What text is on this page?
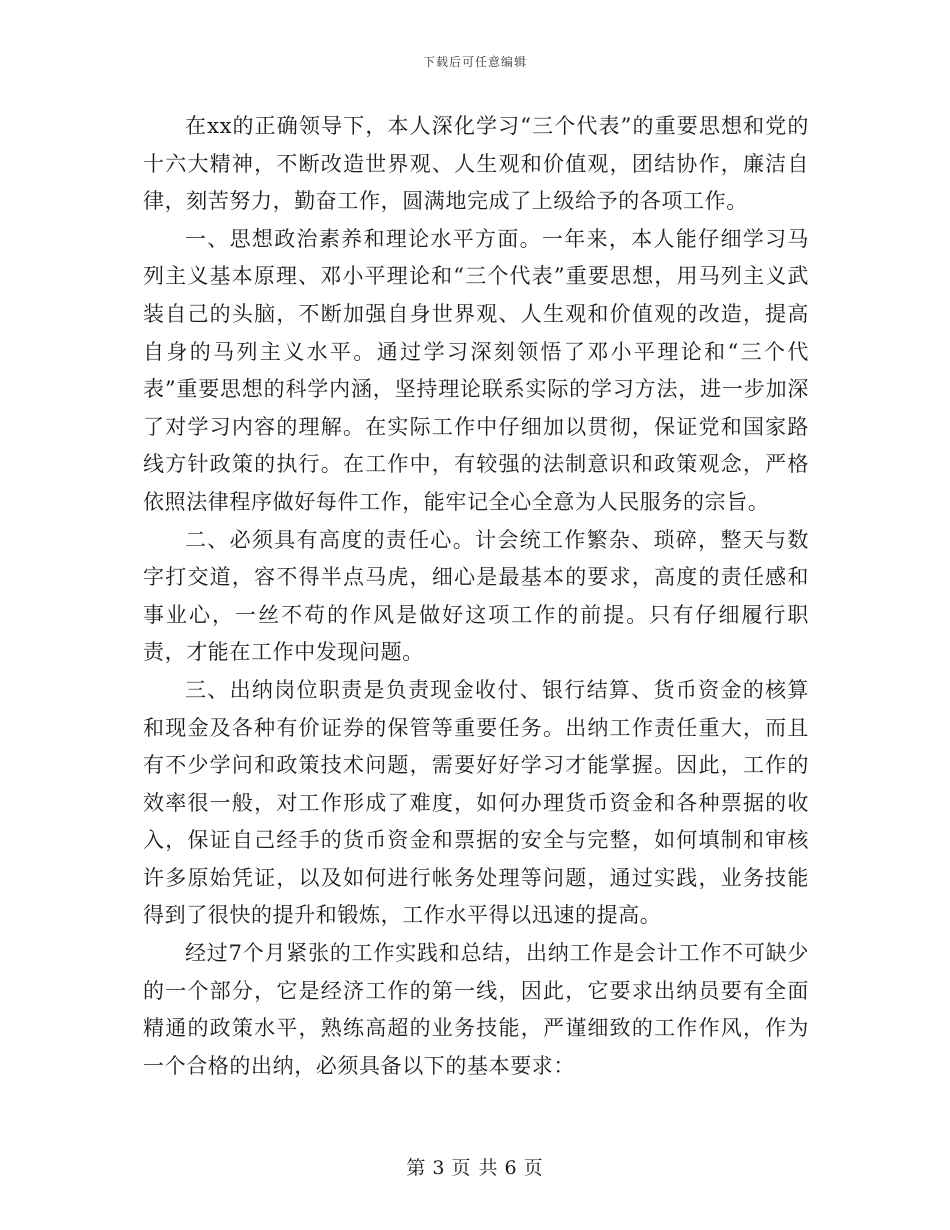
下载后可任意编辑

在xx的正确领导下，本人深化学习“三个代表”的重要思想和党的十六大精神，不断改造世界观、人生观和价值观，团结协作，廉洁自律，刻苦努力，勤奋工作，圆满地完成了上级给予的各项工作。

一、思想政治素养和理论水平方面。一年来，本人能仔细学习马列主义基本原理、邓小平理论和“三个代表”重要思想，用马列主义武装自己的头脑，不断加强自身世界观、人生观和价值观的改造，提高自身的马列主义水平。通过学习深刻领悟了邓小平理论和“三个代表”重要思想的科学内涵，坚持理论联系实际的学习方法，进一步加深了对学习内容的理解。在实际工作中仔细加以贯彻，保证党和国家路线方针政策的执行。在工作中，有较强的法制意识和政策观念，严格依照法律程序做好每件工作，能牢记全心全意为人民服务的宗旨。

二、必须具有高度的责任心。计会统工作繁杂、琐碎，整天与数字打交道，容不得半点马虎，细心是最基本的要求，高度的责任感和事业心，一丝不苟的作风是做好这项工作的前提。只有仔细履行职责，才能在工作中发现问题。

三、出纳岗位职责是负责现金收付、银行结算、货币资金的核算和现金及各种有价证券的保管等重要任务。出纳工作责任重大，而且有不少学问和政策技术问题，需要好好学习才能掌握。因此，工作的效率很一般，对工作形成了难度，如何办理货币资金和各种票据的收入，保证自己经手的货币资金和票据的安全与完整，如何填制和审核许多原始凭证，以及如何进行帐务处理等问题，通过实践，业务技能得到了很快的提升和锻炼，工作水平得以迅速的提高。

经过7个月紧张的工作实践和总结，出纳工作是会计工作不可缺少的一个部分，它是经济工作的第一线，因此，它要求出纳员要有全面精通的政策水平，熟练高超的业务技能，严谨细致的工作作风，作为一个合格的出纳，必须具备以下的基本要求：

第 3 页 共 6 页
